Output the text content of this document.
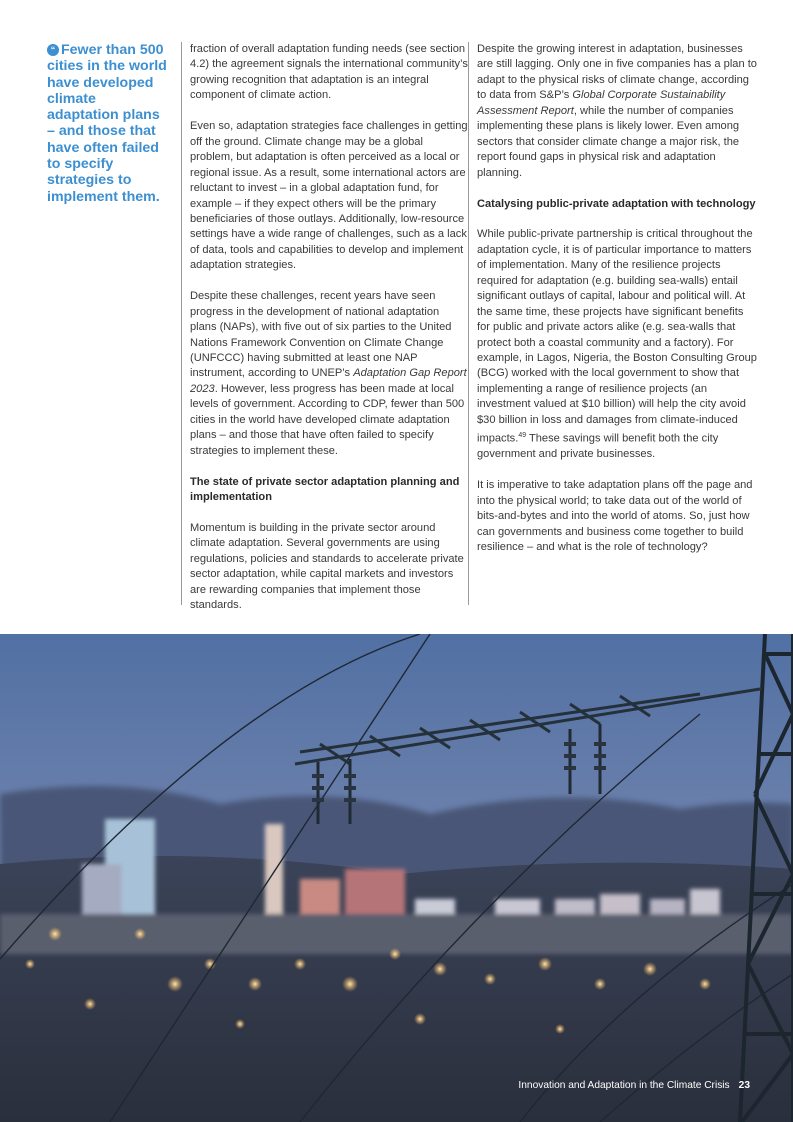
“ Fewer than 500 cities in the world have developed climate adaptation plans – and those that have often failed to specify strategies to implement them.

fraction of overall adaptation funding needs (see section 4.2) the agreement signals the international community’s growing recognition that adaptation is an integral component of climate action.

Even so, adaptation strategies face challenges in getting off the ground. Climate change may be a global problem, but adaptation is often perceived as a local or regional issue. As a result, some international actors are reluctant to invest – in a global adaptation fund, for example – if they expect others will be the primary beneficiaries of those outlays. Additionally, low-resource settings have a wide range of challenges, such as a lack of data, tools and capabilities to develop and implement adaptation strategies.

Despite these challenges, recent years have seen progress in the development of national adaptation plans (NAPs), with five out of six parties to the United Nations Framework Convention on Climate Change (UNFCCC) having submitted at least one NAP instrument, according to UNEP’s Adaptation Gap Report 2023. However, less progress has been made at local levels of government. According to CDP, fewer than 500 cities in the world have developed climate adaptation plans – and those that have often failed to specify strategies to implement these.

The state of private sector adaptation planning and implementation

Momentum is building in the private sector around climate adaptation. Several governments are using regulations, policies and standards to accelerate private sector adaptation, while capital markets and investors are rewarding companies that implement those standards.

Despite the growing interest in adaptation, businesses are still lagging. Only one in five companies has a plan to adapt to the physical risks of climate change, according to data from S&P’s Global Corporate Sustainability Assessment Report, while the number of companies implementing these plans is likely lower. Even among sectors that consider climate change a major risk, the report found gaps in physical risk and adaptation planning.

Catalysing public-private adaptation with technology

While public-private partnership is critical throughout the adaptation cycle, it is of particular importance to matters of implementation. Many of the resilience projects required for adaptation (e.g. building sea-walls) entail significant outlays of capital, labour and political will. At the same time, these projects have significant benefits for public and private actors alike (e.g. sea-walls that protect both a coastal community and a factory). For example, in Lagos, Nigeria, the Boston Consulting Group (BCG) worked with the local government to show that implementing a range of resilience projects (an investment valued at $10 billion) will help the city avoid $30 billion in loss and damages from climate-induced impacts.$^{49}$ These savings will benefit both the city government and private businesses.

It is imperative to take adaptation plans off the page and into the physical world; to take data out of the world of bits-and-bytes and into the world of atoms. So, just how can governments and business come together to build resilience – and what is the role of technology?

Innovation and Adaptation in the Climate Crisis 23
